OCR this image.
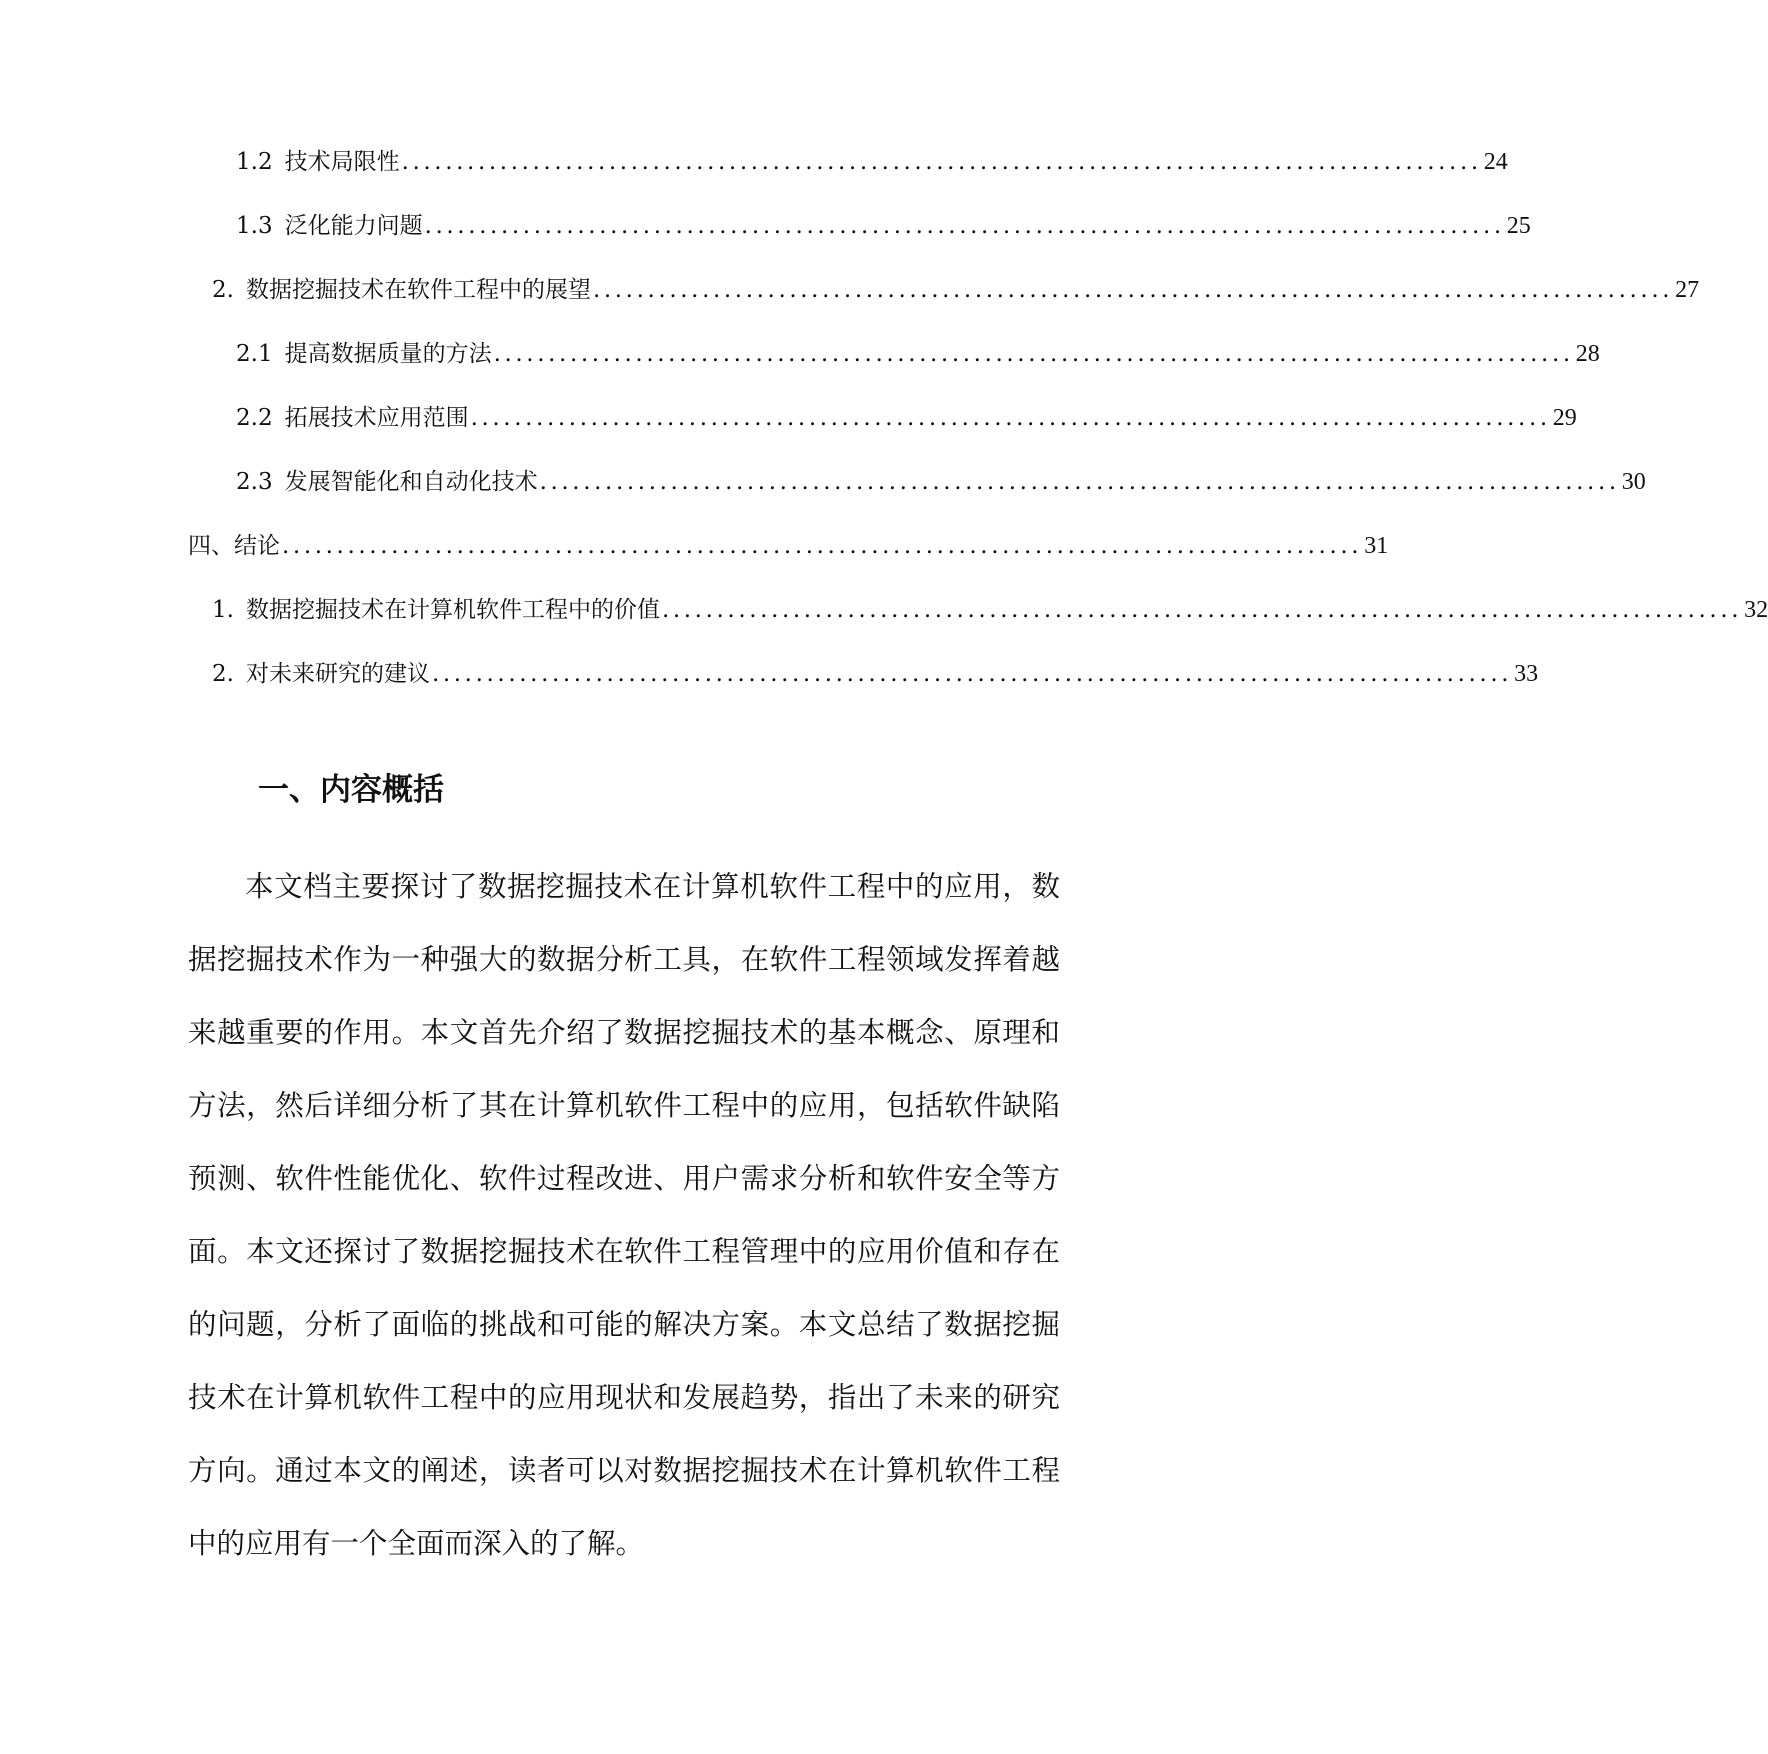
1.2 技术局限性 ................................................................................................... 24
1.3 泛化能力问题 ................................................................................................... 25
2. 数据挖掘技术在软件工程中的展望 ................................................................................................... 27
2.1 提高数据质量的方法 ................................................................................................... 28
2.2 拓展技术应用范围 ................................................................................................... 29
2.3 发展智能化和自动化技术 ................................................................................................... 30
四、结论 ................................................................................................... 31
1. 数据挖掘技术在计算机软件工程中的价值 ................................................................................................... 32
2. 对未来研究的建议 ................................................................................................... 33
一、内容概括

本文档主要探讨了数据挖掘技术在计算机软件工程中的应用，数据挖掘技术作为一种强大的数据分析工具，在软件工程领域发挥着越来越重要的作用。本文首先介绍了数据挖掘技术的基本概念、原理和方法，然后详细分析了其在计算机软件工程中的应用，包括软件缺陷预测、软件性能优化、软件过程改进、用户需求分析和软件安全等方面。本文还探讨了数据挖掘技术在软件工程管理中的应用价值和存在的问题，分析了面临的挑战和可能的解决方案。本文总结了数据挖掘技术在计算机软件工程中的应用现状和发展趋势，指出了未来的研究方向。通过本文的阐述，读者可以对数据挖掘技术在计算机软件工程中的应用有一个全面而深入的了解。
